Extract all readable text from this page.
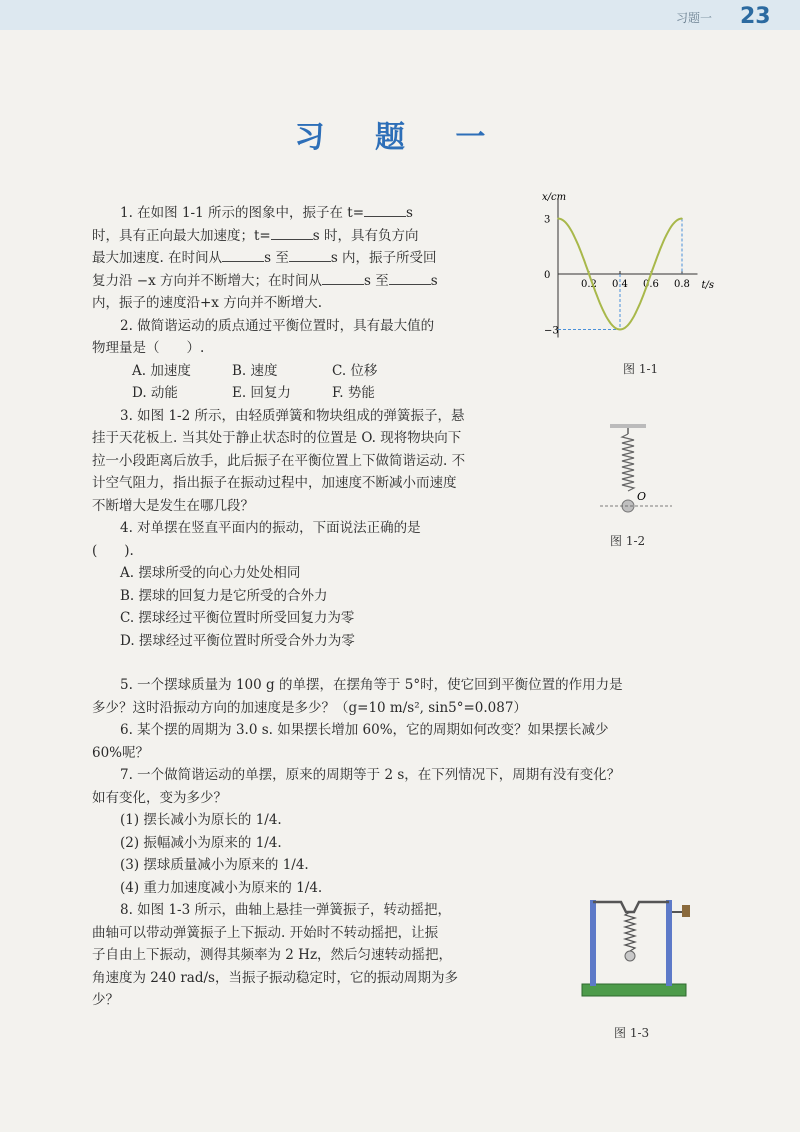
习题一 23
习 题 一
1. 在如图 1-1 所示的图象中，振子在 t=	s
时，具有正向最大加速度；t=	s 时，具有负方向
最大加速度. 在时间从	s 至	s 内，振子所受回
复力沿 −x 方向并不断增大；在时间从	s 至	s
内，振子的速度沿+x 方向并不断增大.
2. 做简谐运动的质点通过平衡位置时，具有最大值的
物理量是（　　）.
A. 加速度	B. 速度	C. 位移
D. 动能	E. 回复力	F. 势能
3. 如图 1-2 所示，由轻质弹簧和物块组成的弹簧振子，悬
挂于天花板上. 当其处于静止状态时的位置是 O. 现将物块向下
拉一小段距离后放手，此后振子在平衡位置上下做简谐运动. 不
计空气阻力，指出振子在振动过程中，加速度不断减小而速度
不断增大是发生在哪几段？
4. 对单摆在竖直平面内的振动，下面说法正确的是
(　　).
A. 摆球所受的向心力处处相同
B. 摆球的回复力是它所受的合外力
C. 摆球经过平衡位置时所受回复力为零
D. 摆球经过平衡位置时所受合外力为零
5. 一个摆球质量为 100 g 的单摆，在摆角等于 5°时，使它回到平衡位置的作用力是
多少？这时沿振动方向的加速度是多少？（g=10 m/s², sin5°=0.087）
6. 某个摆的周期为 3.0 s. 如果摆长增加 60%，它的周期如何改变？如果摆长减少
60%呢？
7. 一个做简谐运动的单摆，原来的周期等于 2 s，在下列情况下，周期有没有变化？
如有变化，变为多少？
(1) 摆长减小为原长的 1/4.
(2) 振幅减小为原来的 1/4.
(3) 摆球质量减小为原来的 1/4.
(4) 重力加速度减小为原来的 1/4.
8. 如图 1-3 所示，曲轴上悬挂一弹簧振子，转动摇把，
曲轴可以带动弹簧振子上下振动. 开始时不转动摇把，让振
子自由上下振动，测得其频率为 2 Hz，然后匀速转动摇把，
角速度为 240 rad/s，当振子振动稳定时，它的振动周期为多
少？
x/cm
t/s
3
0
−3
0.2 0.4 0.6 0.8
图 1-1
O
图 1-2
图 1-3
